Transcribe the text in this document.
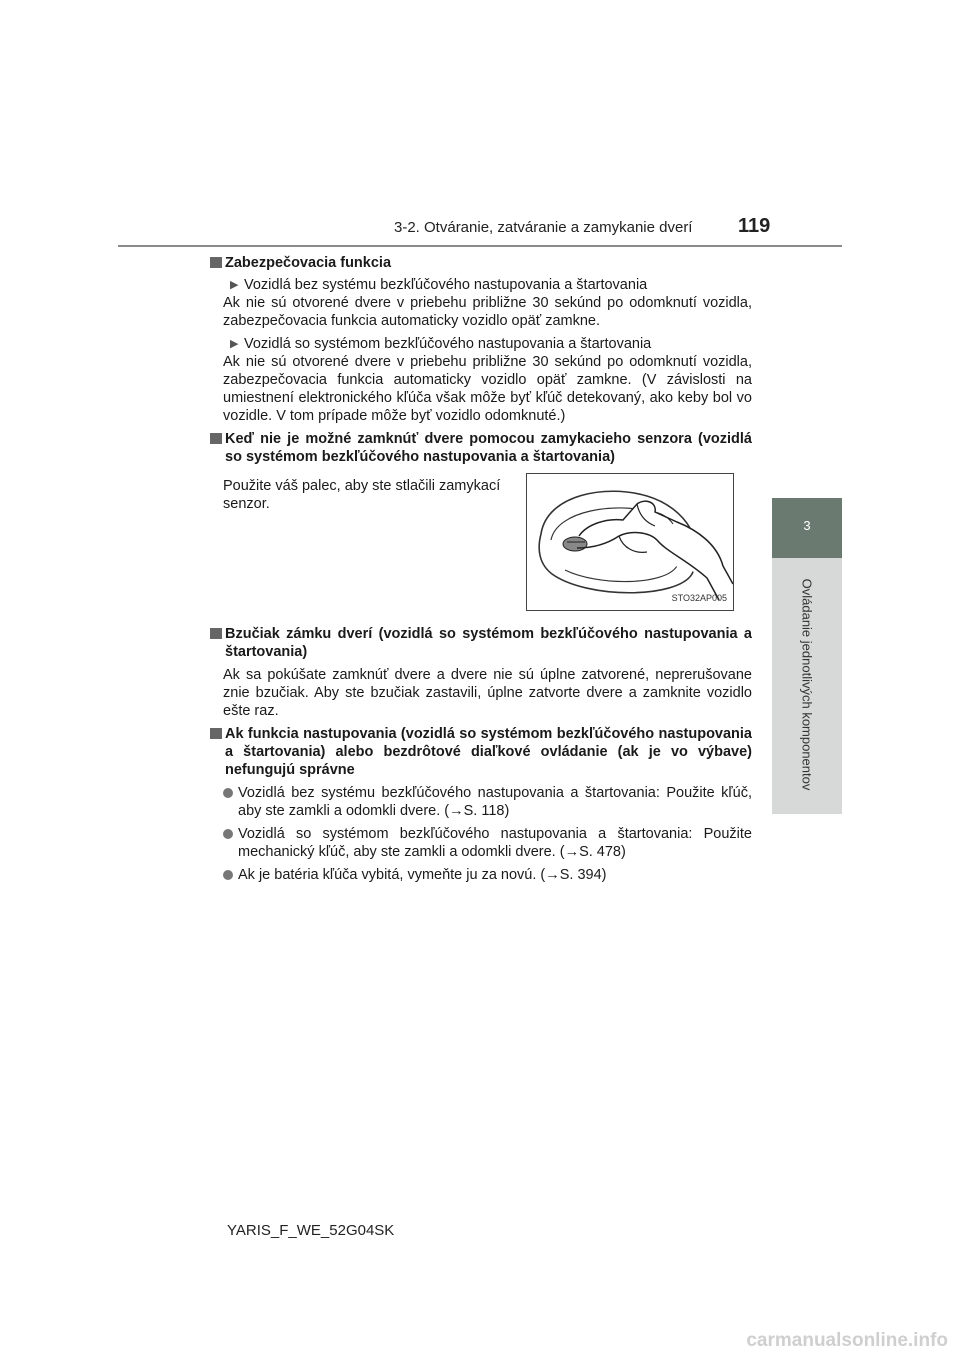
3-2. Otváranie, zatváranie a zamykanie dverí 119
3
Ovládanie jednotlivých komponentov
Zabezpečovacia funkcia
▶ Vozidlá bez systému bezkľúčového nastupovania a štartovania
Ak nie sú otvorené dvere v priebehu približne 30 sekúnd po odomknutí vozidla, zabezpečovacia funkcia automaticky vozidlo opäť zamkne.
▶ Vozidlá so systémom bezkľúčového nastupovania a štartovania
Ak nie sú otvorené dvere v priebehu približne 30 sekúnd po odomknutí vozidla, zabezpečovacia funkcia automaticky vozidlo opäť zamkne. (V závislosti na umiestnení elektronického kľúča však môže byť kľúč detekovaný, ako keby bol vo vozidle. V tom prípade môže byť vozidlo odomknuté.)
Keď nie je možné zamknúť dvere pomocou zamykacieho senzora (vozidlá so systémom bezkľúčového nastupovania a štartovania)
Použite váš palec, aby ste stlačili zamykací senzor.
STO32AP005
Bzučiak zámku dverí (vozidlá so systémom bezkľúčového nastupovania a štartovania)
Ak sa pokúšate zamknúť dvere a dvere nie sú úplne zatvorené, neprerušovane znie bzučiak. Aby ste bzučiak zastavili, úplne zatvorte dvere a zamknite vozidlo ešte raz.
Ak funkcia nastupovania (vozidlá so systémom bezkľúčového nastupovania a štartovania) alebo bezdrôtové diaľkové ovládanie (ak je vo výbave) nefungujú správne
Vozidlá bez systému bezkľúčového nastupovania a štartovania: Použite kľúč, aby ste zamkli a odomkli dvere. (→S. 118)
Vozidlá so systémom bezkľúčového nastupovania a štartovania: Použite mechanický kľúč, aby ste zamkli a odomkli dvere. (→S. 478)
Ak je batéria kľúča vybitá, vymeňte ju za novú. (→S. 394)
YARIS_F_WE_52G04SK
carmanualsonline.info
